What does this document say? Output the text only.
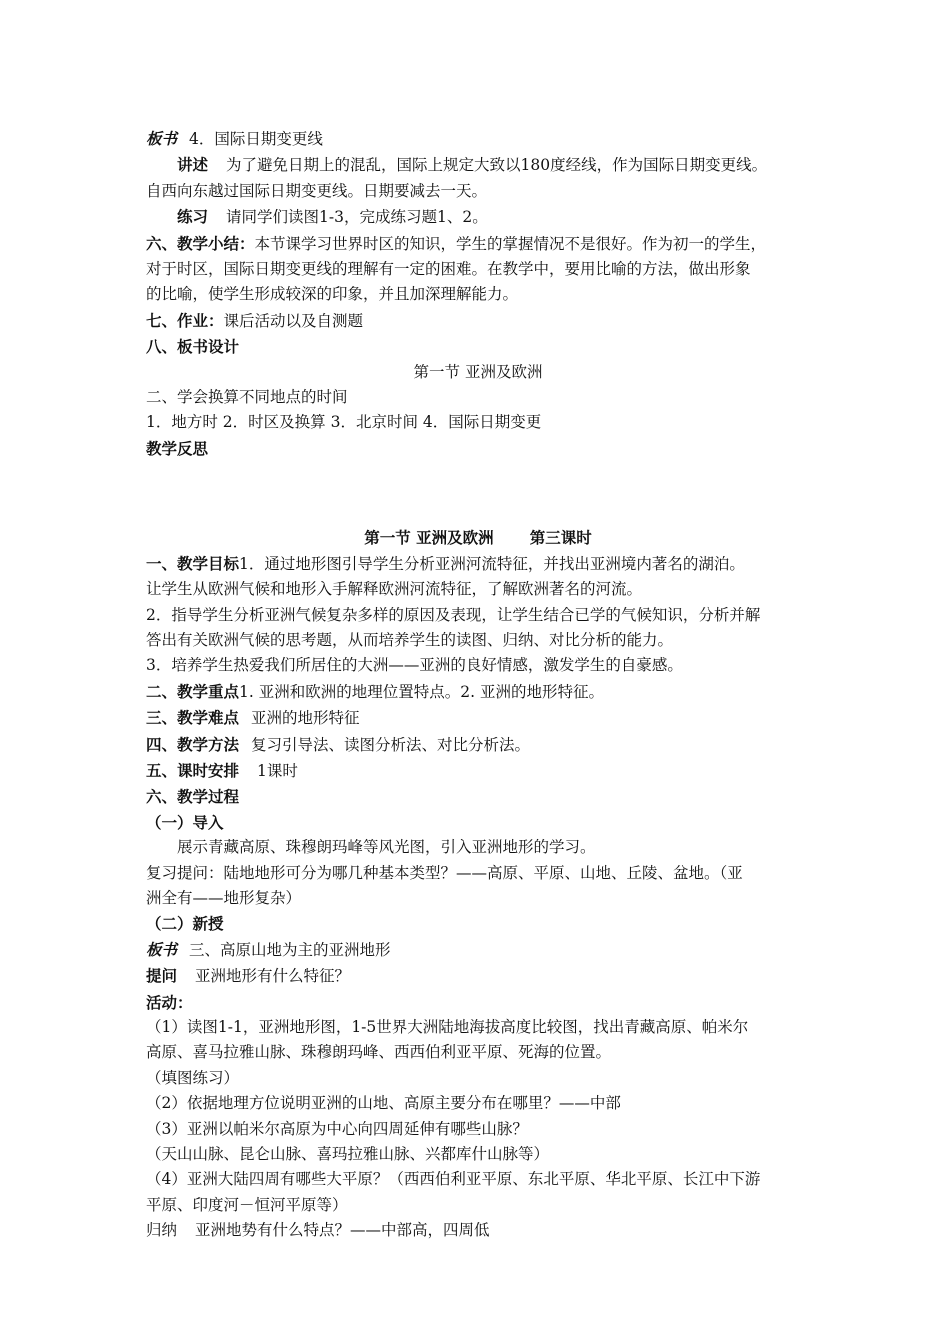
板书 4．国际日期变更线
讲述 为了避免日期上的混乱，国际上规定大致以180度经线，作为国际日期变更线。
自西向东越过国际日期变更线。日期要减去一天。
练习 请同学们读图1-3，完成练习题1、2。
六、教学小结：本节课学习世界时区的知识，学生的掌握情况不是很好。作为初一的学生，
对于时区，国际日期变更线的理解有一定的困难。在教学中，要用比喻的方法，做出形象
的比喻，使学生形成较深的印象，并且加深理解能力。
七、作业：课后活动以及自测题
八、板书设计
第一节 亚洲及欧洲
二、学会换算不同地点的时间
1．地方时 2．时区及换算 3．北京时间 4．国际日期变更
教学反思
第一节 亚洲及欧洲 第三课时
一、教学目标1．通过地形图引导学生分析亚洲河流特征，并找出亚洲境内著名的湖泊。
让学生从欧洲气候和地形入手解释欧洲河流特征，了解欧洲著名的河流。
2．指导学生分析亚洲气候复杂多样的原因及表现，让学生结合已学的气候知识，分析并解
答出有关欧洲气候的思考题，从而培养学生的读图、归纳、对比分析的能力。
3．培养学生热爱我们所居住的大洲——亚洲的良好情感，激发学生的自豪感。
二、教学重点1. 亚洲和欧洲的地理位置特点。2. 亚洲的地形特征。
三、教学难点 亚洲的地形特征
四、教学方法 复习引导法、读图分析法、对比分析法。
五、课时安排 1课时
六、教学过程
（一）导入
展示青藏高原、珠穆朗玛峰等风光图，引入亚洲地形的学习。
复习提问：陆地地形可分为哪几种基本类型？——高原、平原、山地、丘陵、盆地。（亚
洲全有——地形复杂）
（二）新授
板书 三、高原山地为主的亚洲地形
提问 亚洲地形有什么特征？
活动：
（1）读图1-1，亚洲地形图，1-5世界大洲陆地海拔高度比较图，找出青藏高原、帕米尔
高原、喜马拉雅山脉、珠穆朗玛峰、西西伯利亚平原、死海的位置。
（填图练习）
（2）依据地理方位说明亚洲的山地、高原主要分布在哪里？——中部
（3）亚洲以帕米尔高原为中心向四周延伸有哪些山脉？
（天山山脉、昆仑山脉、喜玛拉雅山脉、兴都库什山脉等）
（4）亚洲大陆四周有哪些大平原？（西西伯利亚平原、东北平原、华北平原、长江中下游
平原、印度河－恒河平原等）
归纳 亚洲地势有什么特点？——中部高，四周低
